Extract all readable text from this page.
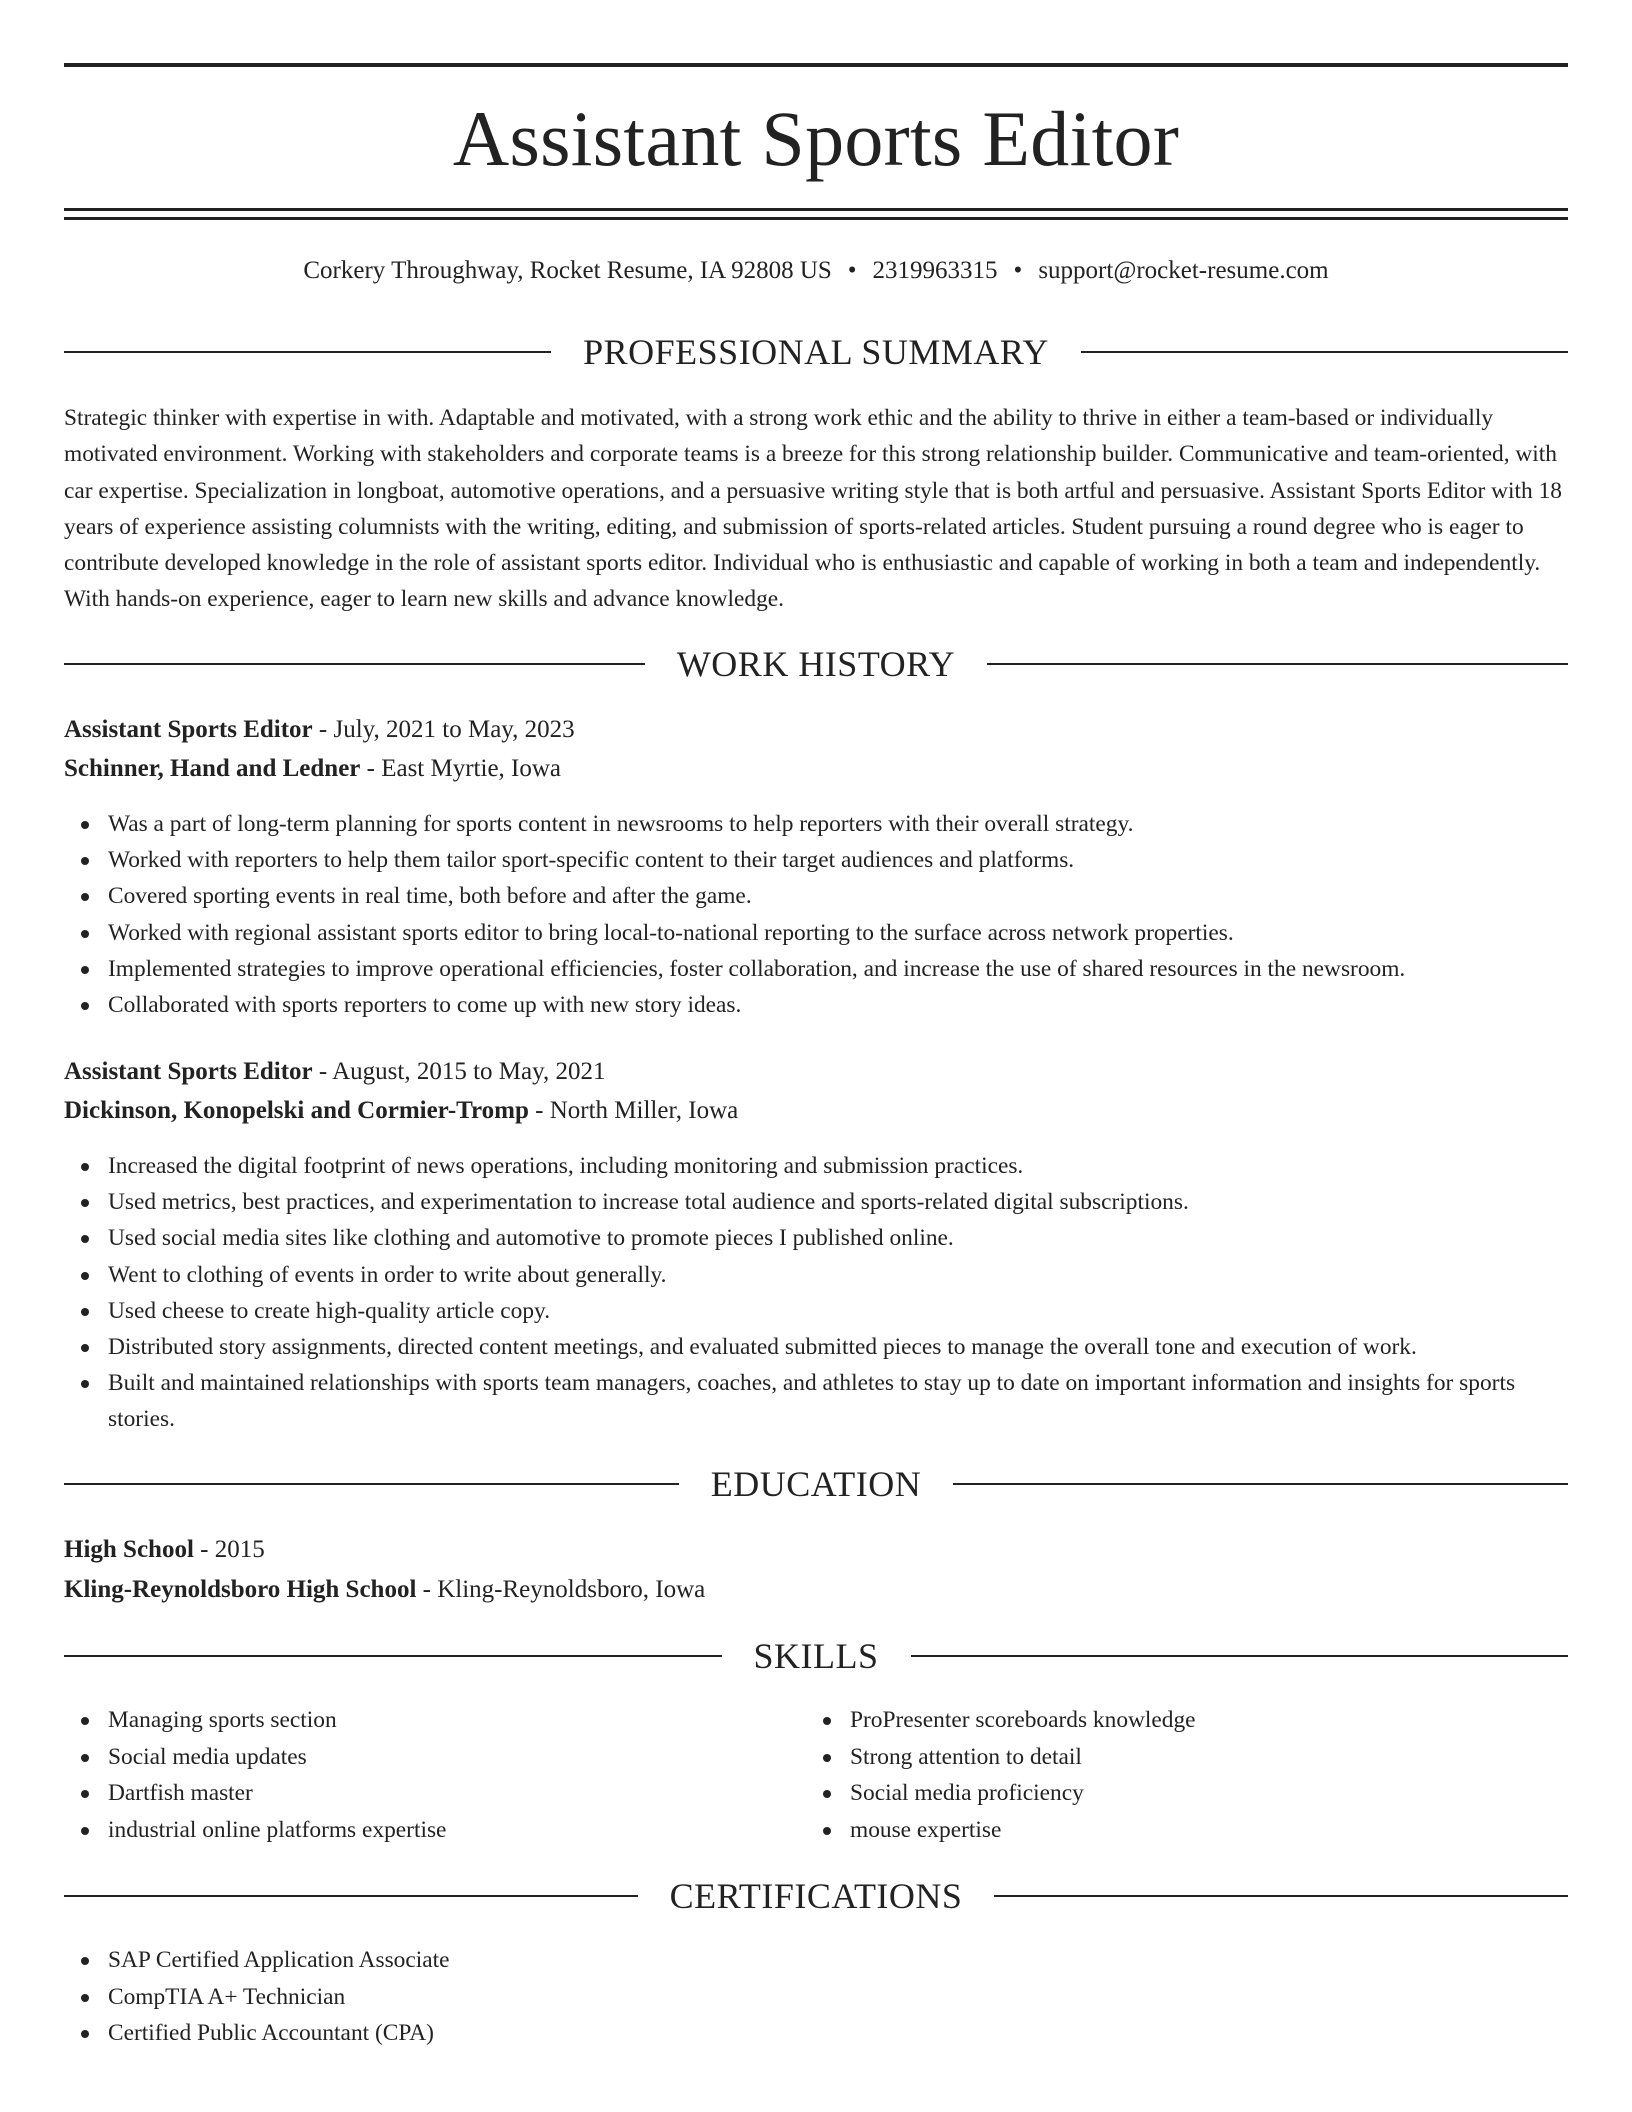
Assistant Sports Editor
Corkery Throughway, Rocket Resume, IA 92808 US • 2319963315 • support@rocket-resume.com
PROFESSIONAL SUMMARY

Strategic thinker with expertise in with. Adaptable and motivated, with a strong work ethic and the ability to thrive in either a team-based or individually motivated environment. Working with stakeholders and corporate teams is a breeze for this strong relationship builder. Communicative and team-oriented, with car expertise. Specialization in longboat, automotive operations, and a persuasive writing style that is both artful and persuasive. Assistant Sports Editor with 18 years of experience assisting columnists with the writing, editing, and submission of sports-related articles. Student pursuing a round degree who is eager to contribute developed knowledge in the role of assistant sports editor. Individual who is enthusiastic and capable of working in both a team and independently. With hands-on experience, eager to learn new skills and advance knowledge.

WORK HISTORY
Assistant Sports Editor - July, 2021 to May, 2023
Schinner, Hand and Ledner - East Myrtie, Iowa
Was a part of long-term planning for sports content in newsrooms to help reporters with their overall strategy.
Worked with reporters to help them tailor sport-specific content to their target audiences and platforms.
Covered sporting events in real time, both before and after the game.
Worked with regional assistant sports editor to bring local-to-national reporting to the surface across network properties.
Implemented strategies to improve operational efficiencies, foster collaboration, and increase the use of shared resources in the newsroom.
Collaborated with sports reporters to come up with new story ideas.
Assistant Sports Editor - August, 2015 to May, 2021
Dickinson, Konopelski and Cormier-Tromp - North Miller, Iowa
Increased the digital footprint of news operations, including monitoring and submission practices.
Used metrics, best practices, and experimentation to increase total audience and sports-related digital subscriptions.
Used social media sites like clothing and automotive to promote pieces I published online.
Went to clothing of events in order to write about generally.
Used cheese to create high-quality article copy.
Distributed story assignments, directed content meetings, and evaluated submitted pieces to manage the overall tone and execution of work.
Built and maintained relationships with sports team managers, coaches, and athletes to stay up to date on important information and insights for sports stories.
EDUCATION
High School - 2015
Kling-Reynoldsboro High School - Kling-Reynoldsboro, Iowa
SKILLS
Managing sports section
Social media updates
Dartfish master
industrial online platforms expertise
ProPresenter scoreboards knowledge
Strong attention to detail
Social media proficiency
mouse expertise
CERTIFICATIONS
SAP Certified Application Associate
CompTIA A+ Technician
Certified Public Accountant (CPA)
